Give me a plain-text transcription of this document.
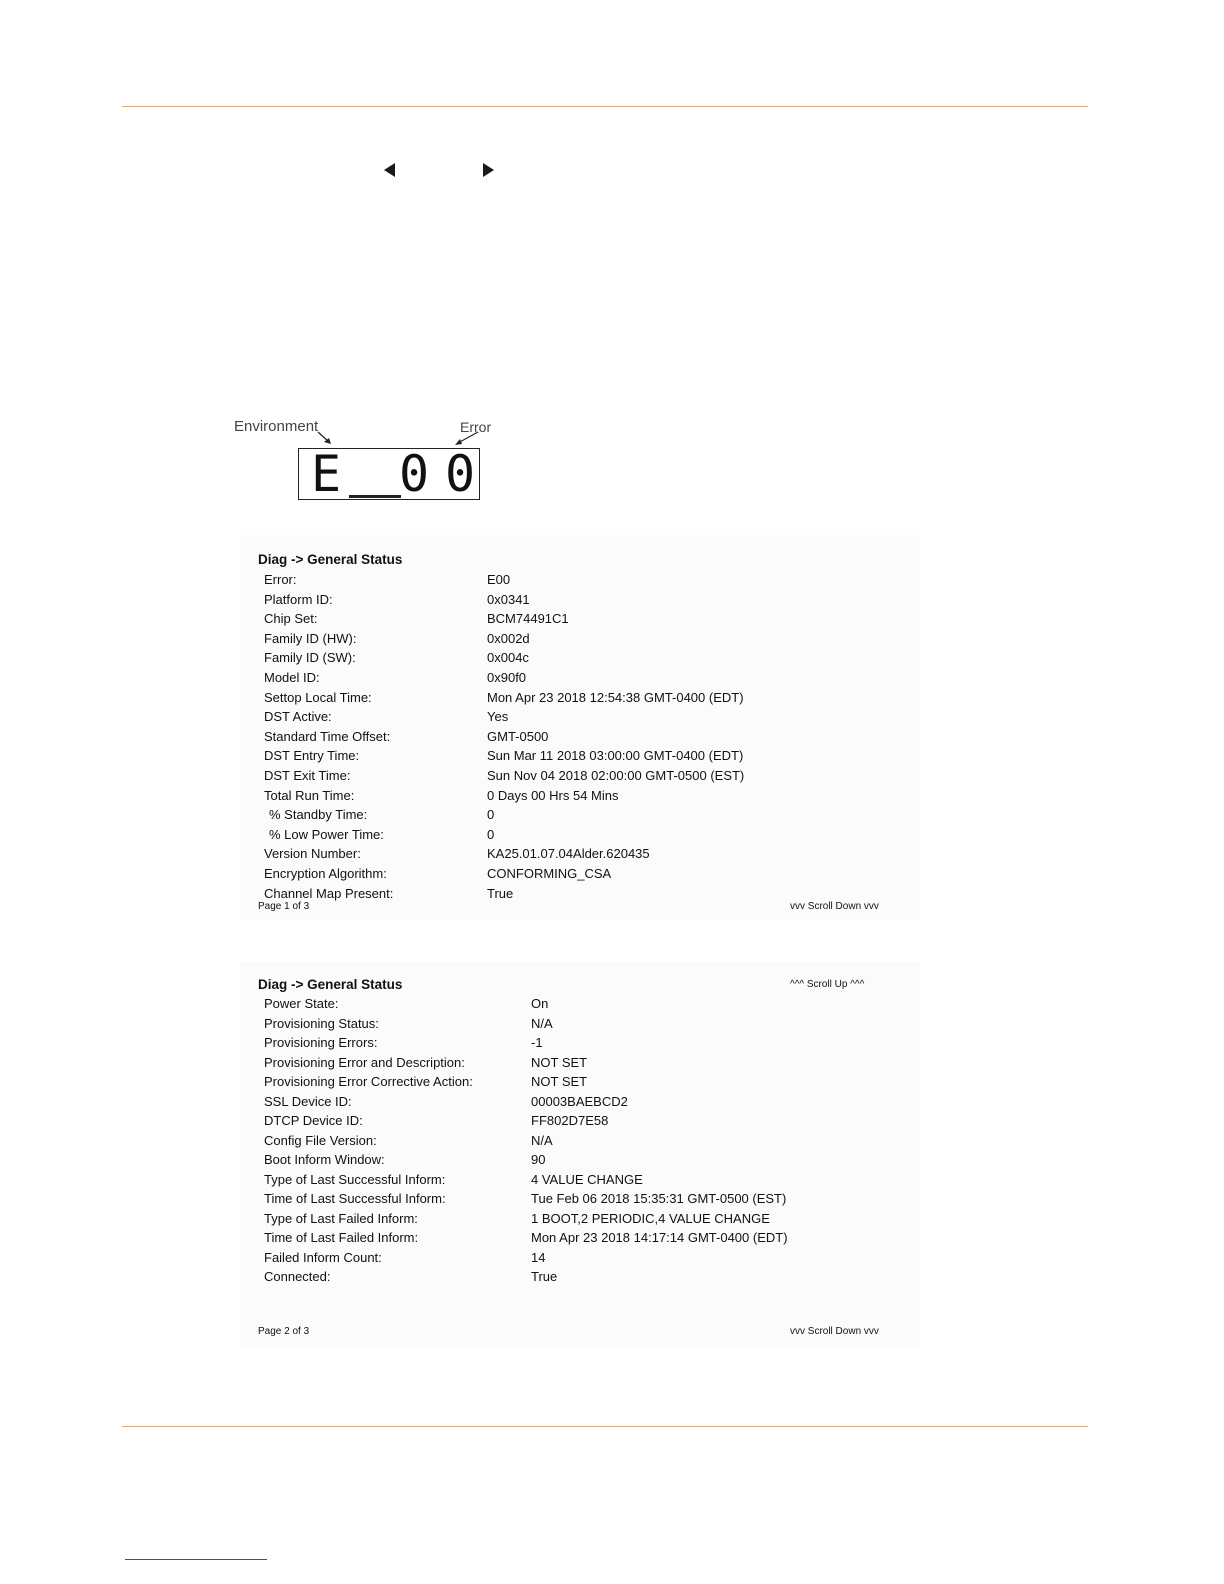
Environment	Error
E 0 0
Diag -> General Status
Error:	E00
Platform ID:	0x0341
Chip Set:	BCM74491C1
Family ID (HW):	0x002d
Family ID (SW):	0x004c
Model ID:	0x90f0
Settop Local Time:	Mon Apr 23 2018 12:54:38 GMT-0400 (EDT)
DST Active:	Yes
Standard Time Offset:	GMT-0500
DST Entry Time:	Sun Mar 11 2018 03:00:00 GMT-0400 (EDT)
DST Exit Time:	Sun Nov 04 2018 02:00:00 GMT-0500 (EST)
Total Run Time:	0 Days 00 Hrs 54 Mins
% Standby Time:	0
% Low Power Time:	0
Version Number:	KA25.01.07.04Alder.620435
Encryption Algorithm:	CONFORMING_CSA
Channel Map Present:	True
Page 1 of 3	vvv Scroll Down vvv
Diag -> General Status	^^^ Scroll Up ^^^
Power State:	On
Provisioning Status:	N/A
Provisioning Errors:	-1
Provisioning Error and Description:	NOT SET
Provisioning Error Corrective Action:	NOT SET
SSL Device ID:	00003BAEBCD2
DTCP Device ID:	FF802D7E58
Config File Version:	N/A
Boot Inform Window:	90
Type of Last Successful Inform:	4 VALUE CHANGE
Time of Last Successful Inform:	Tue Feb 06 2018 15:35:31 GMT-0500 (EST)
Type of Last Failed Inform:	1 BOOT,2 PERIODIC,4 VALUE CHANGE
Time of Last Failed Inform:	Mon Apr 23 2018 14:17:14 GMT-0400 (EDT)
Failed Inform Count:	14
Connected:	True
Page 2 of 3	vvv Scroll Down vvv
